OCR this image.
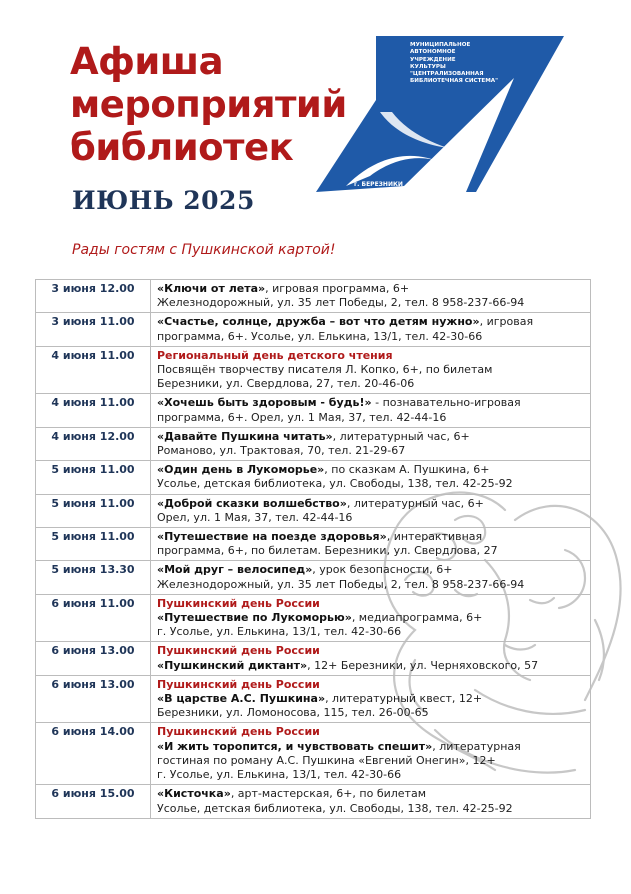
Афиша
мероприятий
библиотек
ИЮНЬ 2025
Рады гостям с Пушкинской картой!
МУНИЦИПАЛЬНОЕ
АВТОНОМНОЕ
УЧРЕЖДЕНИЕ
КУЛЬТУРЫ
"ЦЕНТРАЛИЗОВАННАЯ
БИБЛИОТЕЧНАЯ СИСТЕМА"
г. БЕРЕЗНИКИ
3 июня 12.00	«Ключи от лета», игровая программа, 6+
Железнодорожный, ул. 35 лет Победы, 2, тел. 8 958-237-66-94
3 июня 11.00	«Счастье, солнце, дружба – вот что детям нужно», игровая
программа, 6+. Усолье, ул. Елькина, 13/1, тел. 42-30-66
4 июня 11.00	Региональный день детского чтения
Посвящён творчеству писателя Л. Копко, 6+, по билетам
Березники, ул. Свердлова, 27, тел. 20-46-06
4 июня 11.00	«Хочешь быть здоровым - будь!» - познавательно-игровая
программа, 6+. Орел, ул. 1 Мая, 37, тел. 42-44-16
4 июня 12.00	«Давайте Пушкина читать», литературный час, 6+
Романово, ул. Трактовая, 70, тел. 21-29-67
5 июня 11.00	«Один день в Лукоморье», по сказкам А. Пушкина, 6+
Усолье, детская библиотека, ул. Свободы, 138, тел. 42-25-92
5 июня 11.00	«Доброй сказки волшебство», литературный час, 6+
Орел, ул. 1 Мая, 37, тел. 42-44-16
5 июня 11.00	«Путешествие на поезде здоровья», интерактивная
программа, 6+, по билетам. Березники, ул. Свердлова, 27
5 июня 13.30	«Мой друг – велосипед», урок безопасности, 6+
Железнодорожный, ул. 35 лет Победы, 2, тел. 8 958-237-66-94
6 июня 11.00	Пушкинский день России
«Путешествие по Лукоморью», медиапрограмма, 6+
г. Усолье, ул. Елькина, 13/1, тел. 42-30-66
6 июня 13.00	Пушкинский день России
«Пушкинский диктант», 12+ Березники, ул. Черняховского, 57
6 июня 13.00	Пушкинский день России
«В царстве А.С. Пушкина», литературный квест, 12+
Березники, ул. Ломоносова, 115, тел. 26-00-65
6 июня 14.00	Пушкинский день России
«И жить торопится, и чувствовать спешит», литературная
гостиная по роману А.С. Пушкина «Евгений Онегин», 12+
г. Усолье, ул. Елькина, 13/1, тел. 42-30-66
6 июня 15.00	«Кисточка», арт-мастерская, 6+, по билетам
Усолье, детская библиотека, ул. Свободы, 138, тел. 42-25-92
